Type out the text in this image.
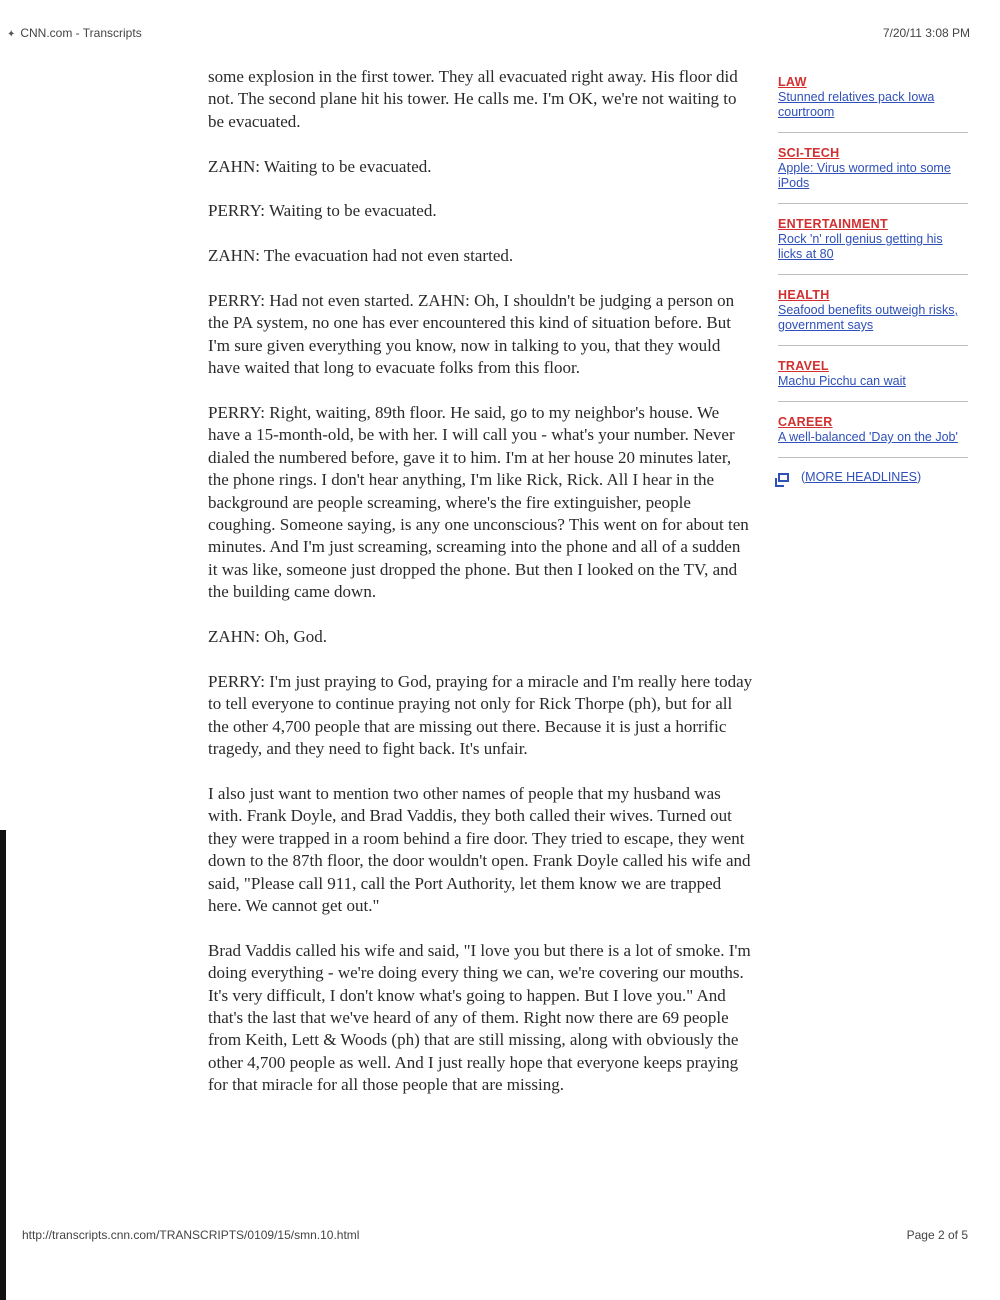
✦ CNN.com - Transcripts	7/20/11 3:08 PM

some explosion in the first tower. They all evacuated right away. His floor did not. The second plane hit his tower. He calls me. I'm OK, we're not waiting to be evacuated.

ZAHN: Waiting to be evacuated.

PERRY: Waiting to be evacuated.

ZAHN: The evacuation had not even started.

PERRY: Had not even started. ZAHN: Oh, I shouldn't be judging a person on the PA system, no one has ever encountered this kind of situation before. But I'm sure given everything you know, now in talking to you, that they would have waited that long to evacuate folks from this floor.

PERRY: Right, waiting, 89th floor. He said, go to my neighbor's house. We have a 15-month-old, be with her. I will call you - what's your number. Never dialed the numbered before, gave it to him. I'm at her house 20 minutes later, the phone rings. I don't hear anything, I'm like Rick, Rick. All I hear in the background are people screaming, where's the fire extinguisher, people coughing. Someone saying, is any one unconscious? This went on for about ten minutes. And I'm just screaming, screaming into the phone and all of a sudden it was like, someone just dropped the phone. But then I looked on the TV, and the building came down.

ZAHN: Oh, God.

PERRY: I'm just praying to God, praying for a miracle and I'm really here today to tell everyone to continue praying not only for Rick Thorpe (ph), but for all the other 4,700 people that are missing out there. Because it is just a horrific tragedy, and they need to fight back. It's unfair.

I also just want to mention two other names of people that my husband was with. Frank Doyle, and Brad Vaddis, they both called their wives. Turned out they were trapped in a room behind a fire door. They tried to escape, they went down to the 87th floor, the door wouldn't open. Frank Doyle called his wife and said, "Please call 911, call the Port Authority, let them know we are trapped here. We cannot get out."

Brad Vaddis called his wife and said, "I love you but there is a lot of smoke. I'm doing everything - we're doing every thing we can, we're covering our mouths. It's very difficult, I don't know what's going to happen. But I love you." And that's the last that we've heard of any of them. Right now there are 69 people from Keith, Lett & Woods (ph) that are still missing, along with obviously the other 4,700 people as well. And I just really hope that everyone keeps praying for that miracle for all those people that are missing.

LAW
Stunned relatives pack Iowa courtroom
SCI-TECH
Apple: Virus wormed into some iPods
ENTERTAINMENT
Rock 'n' roll genius getting his licks at 80
HEALTH
Seafood benefits outweigh risks, government says
TRAVEL
Machu Picchu can wait
CAREER
A well-balanced 'Day on the Job'
( MORE HEADLINES )
http://transcripts.cnn.com/TRANSCRIPTS/0109/15/smn.10.html	Page 2 of 5
